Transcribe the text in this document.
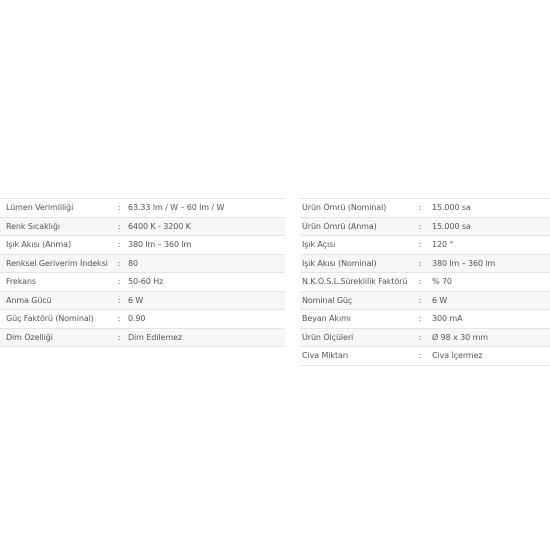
Lümen Verimliliği	: 63.33 lm / W – 60 lm / W
Renk Sıcaklığı	: 6400 K - 3200 K
Işık Akısı (Anma)	: 380 lm – 360 lm
Renksel Geriverim İndeksi	: 80
Frekans	: 50-60 Hz
Anma Gücü	: 6 W
Güç Faktörü (Nominal)	: 0.90
Dim Özelliği	: Dim Edilemez
Ürün Ömrü (Nominal)	:	15.000 sa
Ürün Ömrü (Anma)	:	15.000 sa
Işık Açısı	:	120 °
Işık Akısı (Nominal)	:	380 lm – 360 lm
N.K.Ö.S.L.Süreklilik Faktörü	:	% 70
Nominal Güç	:	6 W
Beyan Akımı	:	300 mA
Ürün Ölçüleri	:	Ø 98 x 30 mm
Civa Miktarı	:	Civa İçermez
